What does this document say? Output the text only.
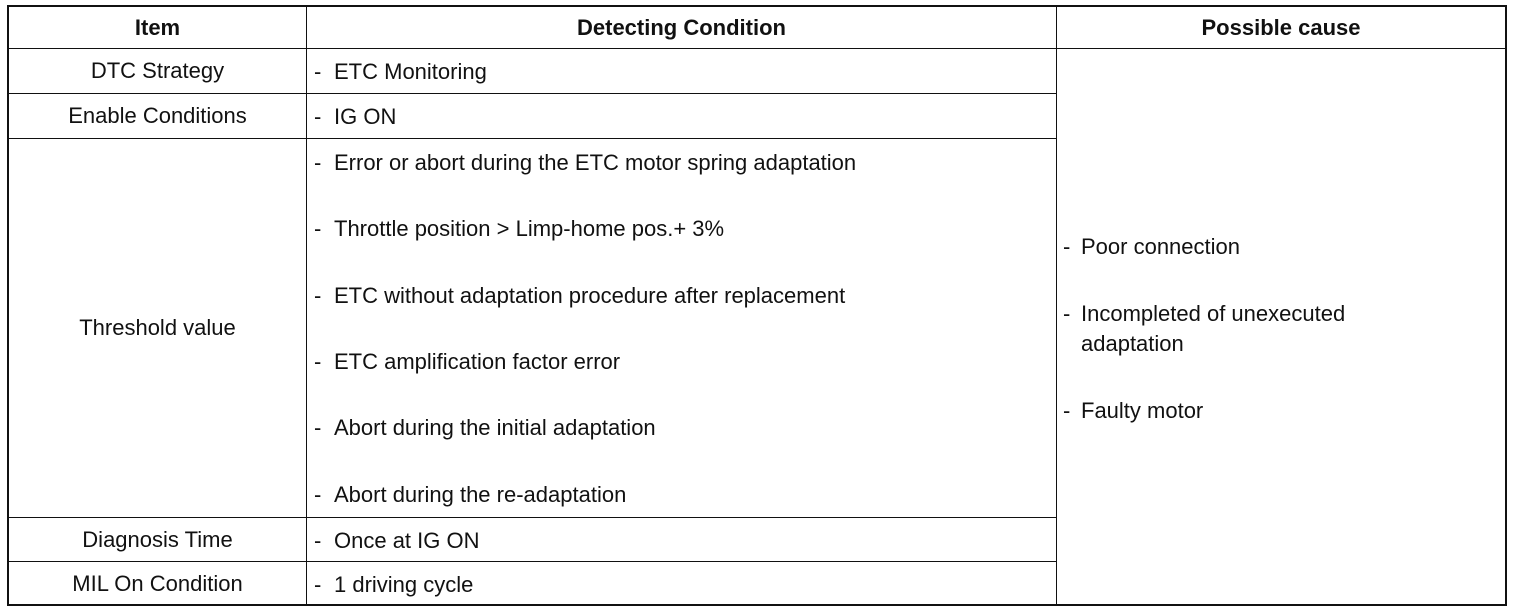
Item	Detecting Condition	Possible cause
DTC Strategy
Enable Conditions
Threshold value
Diagnosis Time
MIL On Condition
- ETC Monitoring
- IG ON
- Error or abort during the ETC motor spring adaptation
- Throttle position > Limp-home pos.+ 3%
- ETC without adaptation procedure after replacement
- ETC amplification factor error
- Abort during the initial adaptation
- Abort during the re-adaptation
- Once at IG ON
- 1 driving cycle
- Poor connection
- Incompleted of unexecuted adaptation
- Faulty motor
